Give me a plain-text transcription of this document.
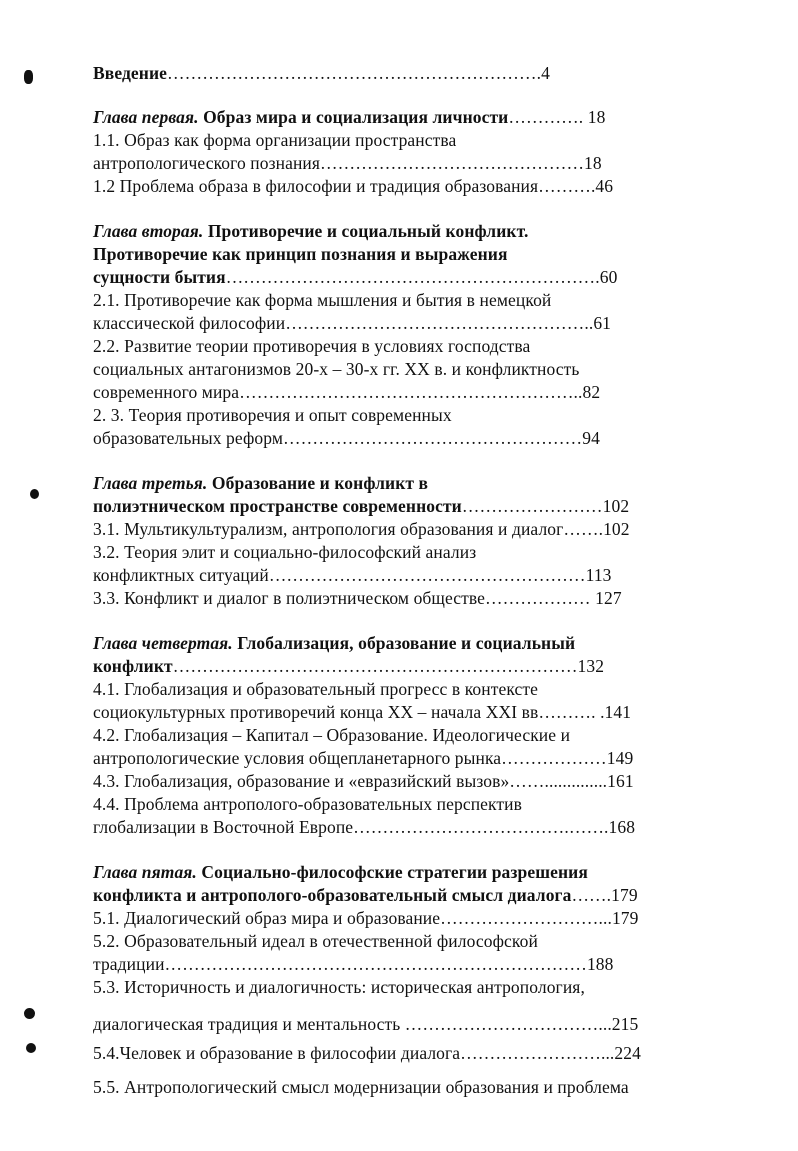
Введение……………………………………………………….4
Глава первая. Образ мира и социализация личности…………. 18
1.1. Образ как форма организации пространства
антропологического познания………………………………………18
1.2 Проблема образа в философии и традиция образования……….46
Глава вторая. Противоречие и социальный конфликт.
Противоречие как принцип познания и выражения
сущности бытия……………………………………………………….60
2.1. Противоречие как форма мышления и бытия в немецкой
классической философии……………………………………………..61
2.2. Развитие теории противоречия в условиях господства
социальных антагонизмов 20-х – 30-х гг. XX в. и конфликтность
современного мира…………………………………………………..82
2. 3. Теория противоречия и опыт современных
образовательных реформ……………………………………………94
Глава третья. Образование и конфликт в
полиэтническом пространстве современности……………………102
3.1. Мультикультурализм, антропология образования и диалог…….102
3.2. Теория элит и социально-философский анализ
конфликтных ситуаций………………………………………………113
3.3. Конфликт и диалог в полиэтническом обществе……………… 127
Глава четвертая. Глобализация, образование и социальный
конфликт……………………………………………………………132
4.1. Глобализация и образовательный прогресс в контексте
социокультурных противоречий конца XX – начала XXI вв………. .141
4.2. Глобализация – Капитал – Образование. Идеологические и
антропологические условия общепланетарного рынка………………149
4.3. Глобализация, образование и «евразийский вызов»……..............161
4.4. Проблема антрополого-образовательных перспектив
глобализации в Восточной Европе……………………………….…….168
Глава пятая. Социально-философские стратегии разрешения
конфликта и антрополого-образовательный смысл диалога…….179
5.1. Диалогический образ мира и образование………………………...179
5.2. Образовательный идеал в отечественной философской
традиции………………………………………………………………188
5.3. Историчность и диалогичность: историческая антропология,
диалогическая традиция и ментальность ……………………………...215
5.4.Человек и образование в философии диалога……………………...224
5.5. Антропологический смысл модернизации образования и проблема
